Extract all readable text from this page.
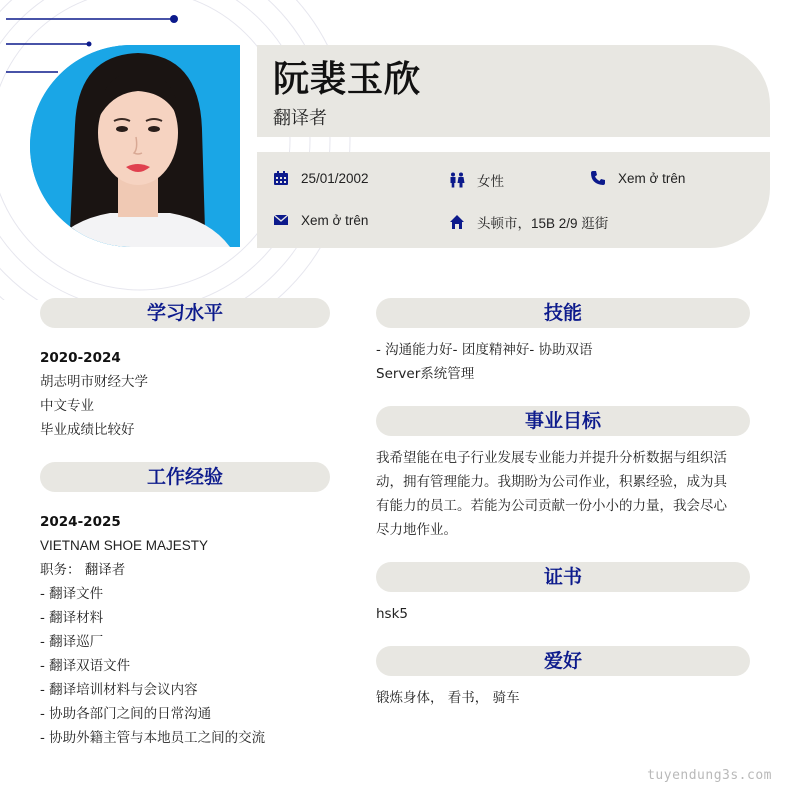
阮裴玉欣
翻译者
25/01/2002	女性	Xem ở trên
Xem ở trên	头顿市，15B 2/9 逛街
学习水平
2020-2024
胡志明市财经大学
中文专业
毕业成绩比较好
工作经验
2024-2025
VIETNAM SHOE MAJESTY
职务： 翻译者
- 翻译文件
- 翻译材料
- 翻译巡厂
- 翻译双语文件
- 翻译培训材料与会议内容
- 协助各部门之间的日常沟通
- 协助外籍主管与本地员工之间的交流
技能
- 沟通能力好- 团度精神好- 协助双语
Server系统管理
事业目标
我希望能在电子行业发展专业能力并提升分析数据与组织活
动，拥有管理能力。我期盼为公司作业，积累经验，成为具
有能力的员工。若能为公司贡献一份小小的力量，我会尽心
尽力地作业。
证书
hsk5
爱好
锻炼身体， 看书， 骑车
tuyendung3s.com
